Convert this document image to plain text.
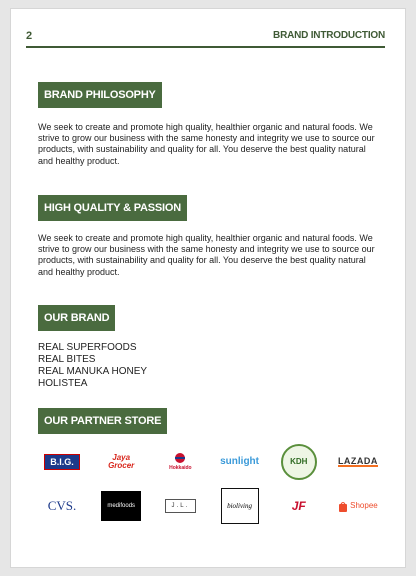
2	BRAND INTRODUCTION
BRAND PHILOSOPHY

We seek to create and promote high quality, healthier organic and natural foods. We strive to grow our business with the same honesty and integrity we use to source our products, with sustainability and quality for all. You deserve the best quality natural and healthy product.

HIGH QUALITY & PASSION

We seek to create and promote high quality, healthier organic and natural foods. We strive to grow our business with the same honesty and integrity we use to source our products, with sustainability and quality for all. You deserve the best quality natural and healthy product.

OUR BRAND
REAL SUPERFOODS
REAL BITES
REAL MANUKA HONEY
HOLISTEA
OUR PARTNER STORE
B.I.G.	Jaya Grocer	Hokkaido
sunlight	KDH	LAZADA
CVS.	medifoods	J.L.	bioliving	JF	Shopee
